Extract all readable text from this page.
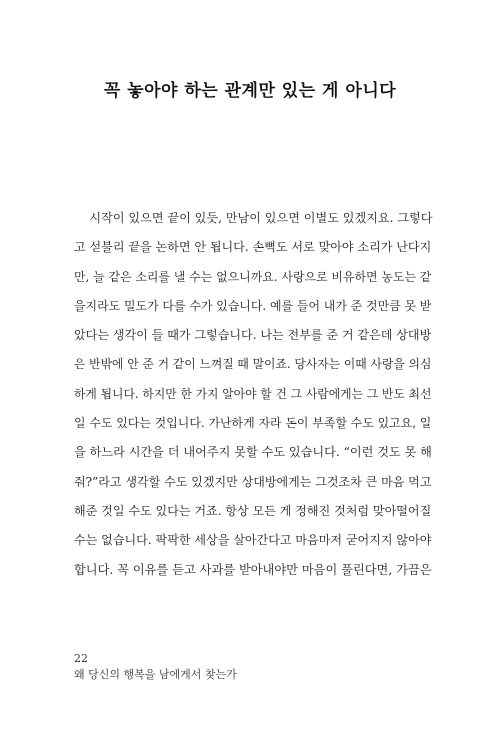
꼭 놓아야 하는 관계만 있는 게 아니다
시작이 있으면 끝이 있듯, 만남이 있으면 이별도 있겠지요. 그렇다
고 섣불리 끝을 논하면 안 됩니다. 손뼉도 서로 맞아야 소리가 난다지
만, 늘 같은 소리를 낼 수는 없으니까요. 사랑으로 비유하면 농도는 같
을지라도 밀도가 다를 수가 있습니다. 예를 들어 내가 준 것만큼 못 받
았다는 생각이 들 때가 그렇습니다. 나는 전부를 준 거 같은데 상대방
은 반밖에 안 준 거 같이 느껴질 때 말이죠. 당사자는 이때 사랑을 의심
하게 됩니다. 하지만 한 가지 알아야 할 건 그 사람에게는 그 반도 최선
일 수도 있다는 것입니다. 가난하게 자라 돈이 부족할 수도 있고요, 일
을 하느라 시간을 더 내어주지 못할 수도 있습니다. “이런 것도 못 해
줘?”라고 생각할 수도 있겠지만 상대방에게는 그것조차 큰 마음 먹고
해준 것일 수도 있다는 거죠. 항상 모든 게 정해진 것처럼 맞아떨어질
수는 없습니다. 팍팍한 세상을 살아간다고 마음마저 굳어지지 않아야
합니다. 꼭 이유를 듣고 사과를 받아내야만 마음이 풀린다면, 가끔은
22
왜 당신의 행복을 남에게서 찾는가
